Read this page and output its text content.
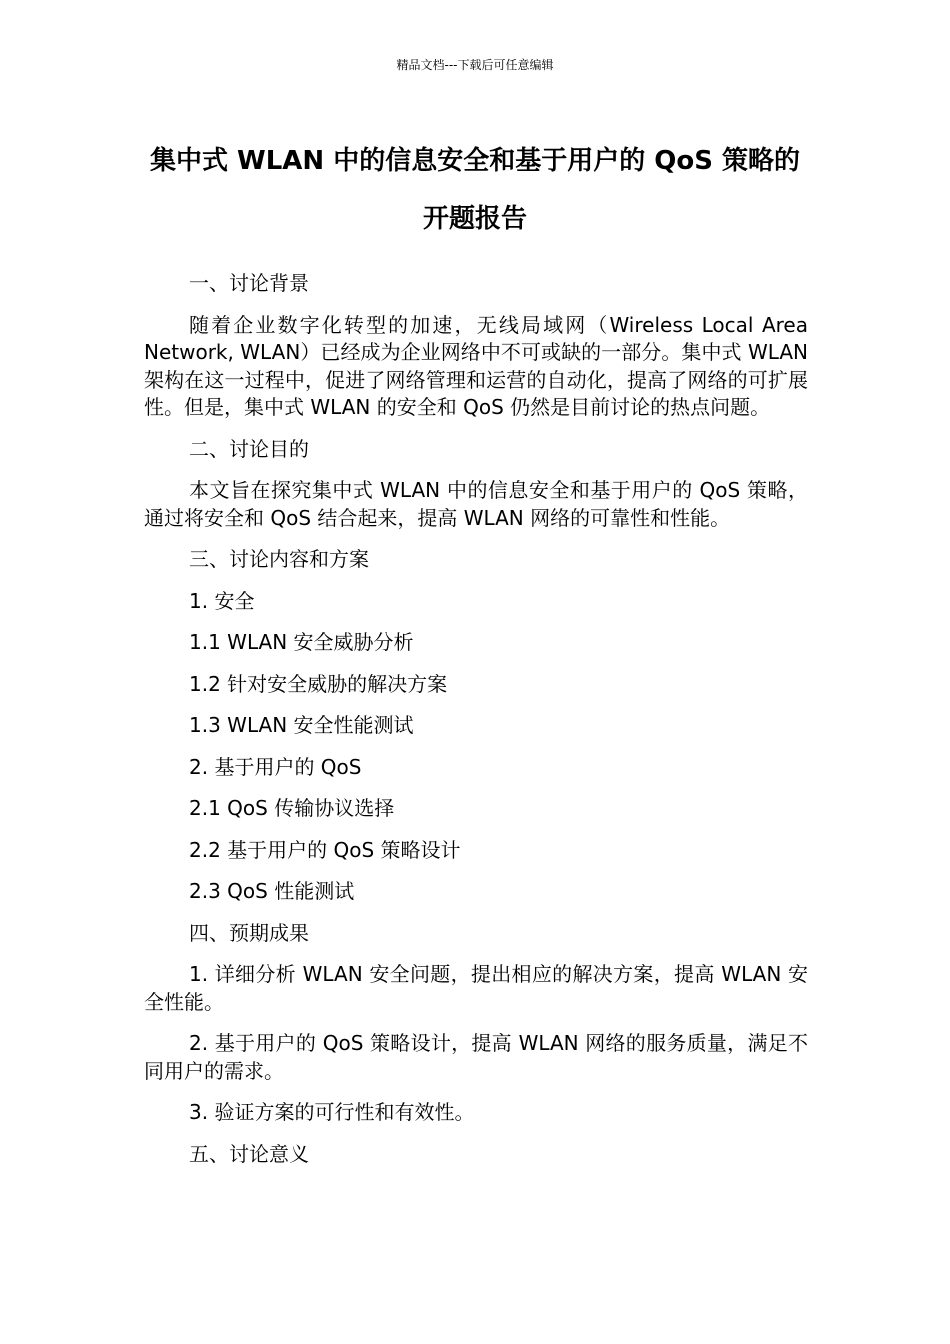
精品文档---下载后可任意编辑
集中式 WLAN 中的信息安全和基于用户的 QoS 策略的开题报告

一、讨论背景

随着企业数字化转型的加速，无线局域网（Wireless Local Area Network, WLAN）已经成为企业网络中不可或缺的一部分。集中式 WLAN 架构在这一过程中，促进了网络管理和运营的自动化，提高了网络的可扩展性。但是，集中式 WLAN 的安全和 QoS 仍然是目前讨论的热点问题。

二、讨论目的

本文旨在探究集中式 WLAN 中的信息安全和基于用户的 QoS 策略，通过将安全和 QoS 结合起来，提高 WLAN 网络的可靠性和性能。

三、讨论内容和方案

1. 安全

1.1 WLAN 安全威胁分析

1.2 针对安全威胁的解决方案

1.3 WLAN 安全性能测试

2. 基于用户的 QoS

2.1 QoS 传输协议选择

2.2 基于用户的 QoS 策略设计

2.3 QoS 性能测试

四、预期成果

1. 详细分析 WLAN 安全问题，提出相应的解决方案，提高 WLAN 安全性能。

2. 基于用户的 QoS 策略设计，提高 WLAN 网络的服务质量，满足不同用户的需求。

3. 验证方案的可行性和有效性。

五、讨论意义
